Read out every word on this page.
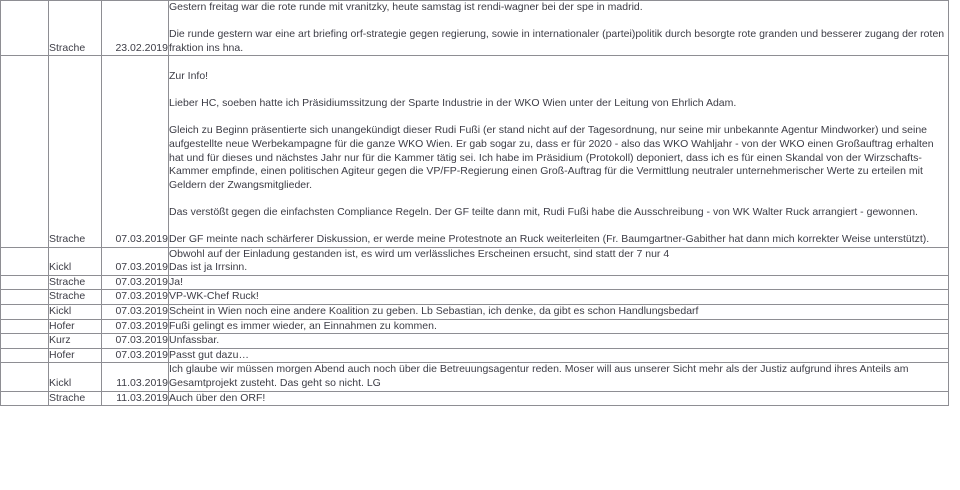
	Strache	23.02.2019	Gestern freitag war die rote runde mit vranitzky, heute samstag ist rendi-wagner bei der spe in madrid.

Die runde gestern war eine art briefing orf-strategie gegen regierung, sowie in internationaler (partei)politik durch besorgte rote granden und besserer zugang der roten fraktion ins hna.

	Strache	07.03.2019	Zur Info!

Lieber HC, soeben hatte ich Präsidiumssitzung der Sparte Industrie in der WKO Wien unter der Leitung von Ehrlich Adam.

Gleich zu Beginn präsentierte sich unangekündigt dieser Rudi Fußi (er stand nicht auf der Tagesordnung, nur seine mir unbekannte Agentur Mindworker) und seine aufgestellte neue Werbekampagne für die ganze WKO Wien. Er gab sogar zu, dass er für 2020 - also das WKO Wahljahr - von der WKO einen Großauftrag erhalten hat und für dieses und nächstes Jahr nur für die Kammer tätig sei. Ich habe im Präsidium (Protokoll) deponiert, dass ich es für einen Skandal von der Wirzschafts-Kammer empfinde, einen politischen Agiteur gegen die VP/FP-Regierung einen Groß-Auftrag für die Vermittlung neutraler unternehmerischer Werte zu erteilen mit Geldern der Zwangsmitglieder.

Das verstößt gegen die einfachsten Compliance Regeln. Der GF teilte dann mit, Rudi Fußi habe die Ausschreibung - von WK Walter Ruck arrangiert - gewonnen.

Der GF meinte nach schärferer Diskussion, er werde meine Protestnote an Ruck weiterleiten (Fr. Baumgartner-Gabither hat dann mich korrekter Weise unterstützt).

	Kickl	07.03.2019	Obwohl auf der Einladung gestanden ist, es wird um verlässliches Erscheinen ersucht, sind statt der 7 nur 4

Das ist ja Irrsinn.

	Strache	07.03.2019	Ja!

	Strache	07.03.2019	VP-WK-Chef Ruck!

	Kickl	07.03.2019	Scheint in Wien noch eine andere Koalition zu geben. Lb Sebastian, ich denke, da gibt es schon Handlungsbedarf

	Hofer	07.03.2019	Fußi gelingt es immer wieder, an Einnahmen zu kommen.

	Kurz	07.03.2019	Unfassbar.

	Hofer	07.03.2019	Passt gut dazu…

	Kickl	11.03.2019	Ich glaube wir müssen morgen Abend auch noch über die Betreuungsagentur reden. Moser will aus unserer Sicht mehr als der Justiz aufgrund ihres Anteils am

Gesamtprojekt zusteht. Das geht so nicht. LG

	Strache	11.03.2019	Auch über den ORF!
